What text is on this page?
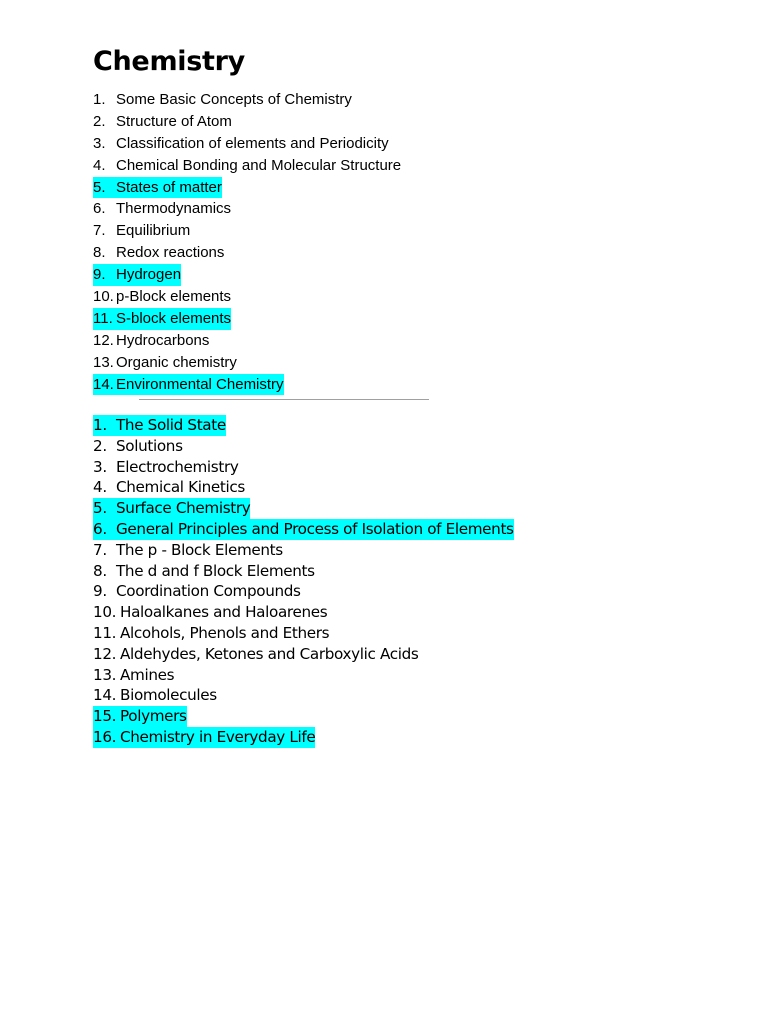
Chemistry
1. Some Basic Concepts of Chemistry
2. Structure of Atom
3. Classification of elements and Periodicity
4. Chemical Bonding and Molecular Structure
5. States of matter
6. Thermodynamics
7. Equilibrium
8. Redox reactions
9. Hydrogen
10. p-Block elements
11. S-block elements
12. Hydrocarbons
13. Organic chemistry
14. Environmental Chemistry
1. The Solid State
2. Solutions
3. Electrochemistry
4. Chemical Kinetics
5. Surface Chemistry
6. General Principles and Process of Isolation of Elements
7. The p - Block Elements
8. The d and f Block Elements
9. Coordination Compounds
10. Haloalkanes and Haloarenes
11. Alcohols, Phenols and Ethers
12. Aldehydes, Ketones and Carboxylic Acids
13. Amines
14. Biomolecules
15. Polymers
16. Chemistry in Everyday Life
